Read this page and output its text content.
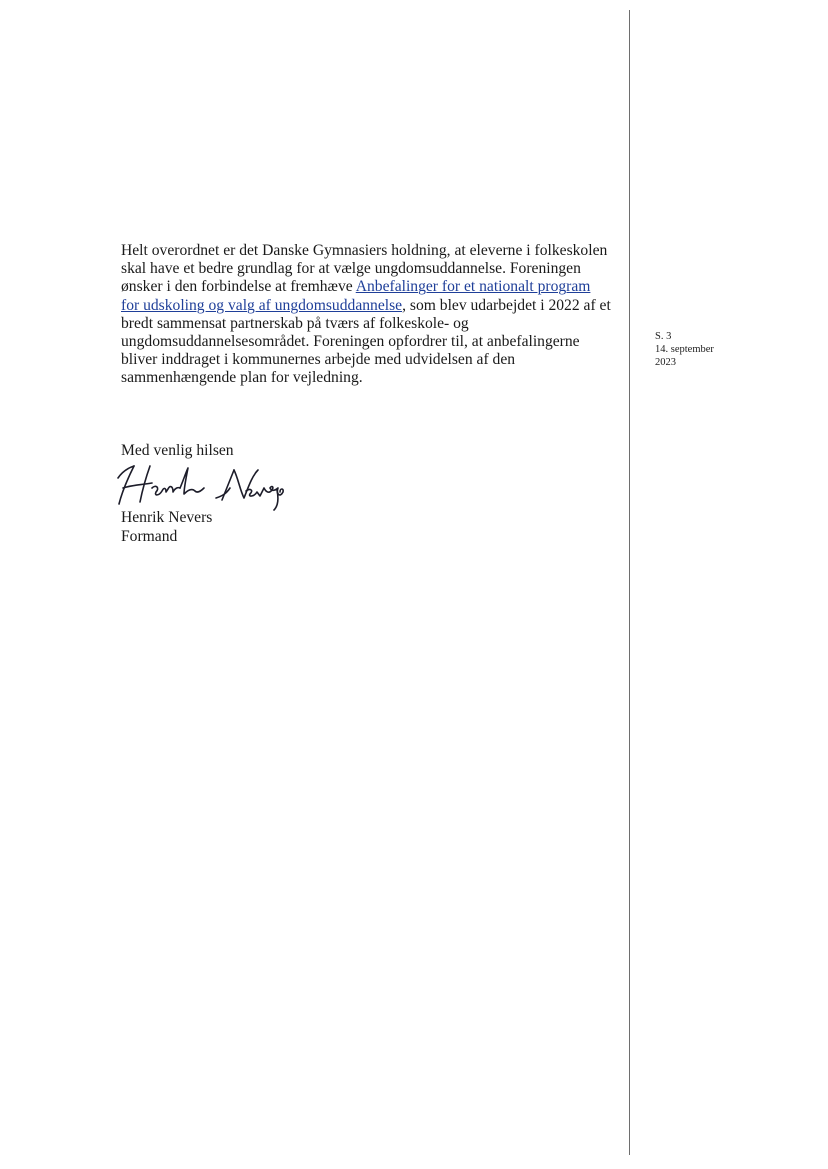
Helt overordnet er det Danske Gymnasiers holdning, at eleverne i folkeskolen skal have et bedre grundlag for at vælge ungdomsuddannelse. Foreningen ønsker i den forbindelse at fremhæve Anbefalinger for et nationalt program for udskoling og valg af ungdomsuddannelse, som blev udarbejdet i 2022 af et bredt sammensat partnerskab på tværs af folkeskole- og ungdomsuddannelsesområdet. Foreningen opfordrer til, at anbefalingerne bliver inddraget i kommunernes arbejde med udvidelsen af den sammenhængende plan for vejledning.

S. 3
14. september
2023
Med venlig hilsen
Henrik Nevers
Henrik Nevers
Formand
